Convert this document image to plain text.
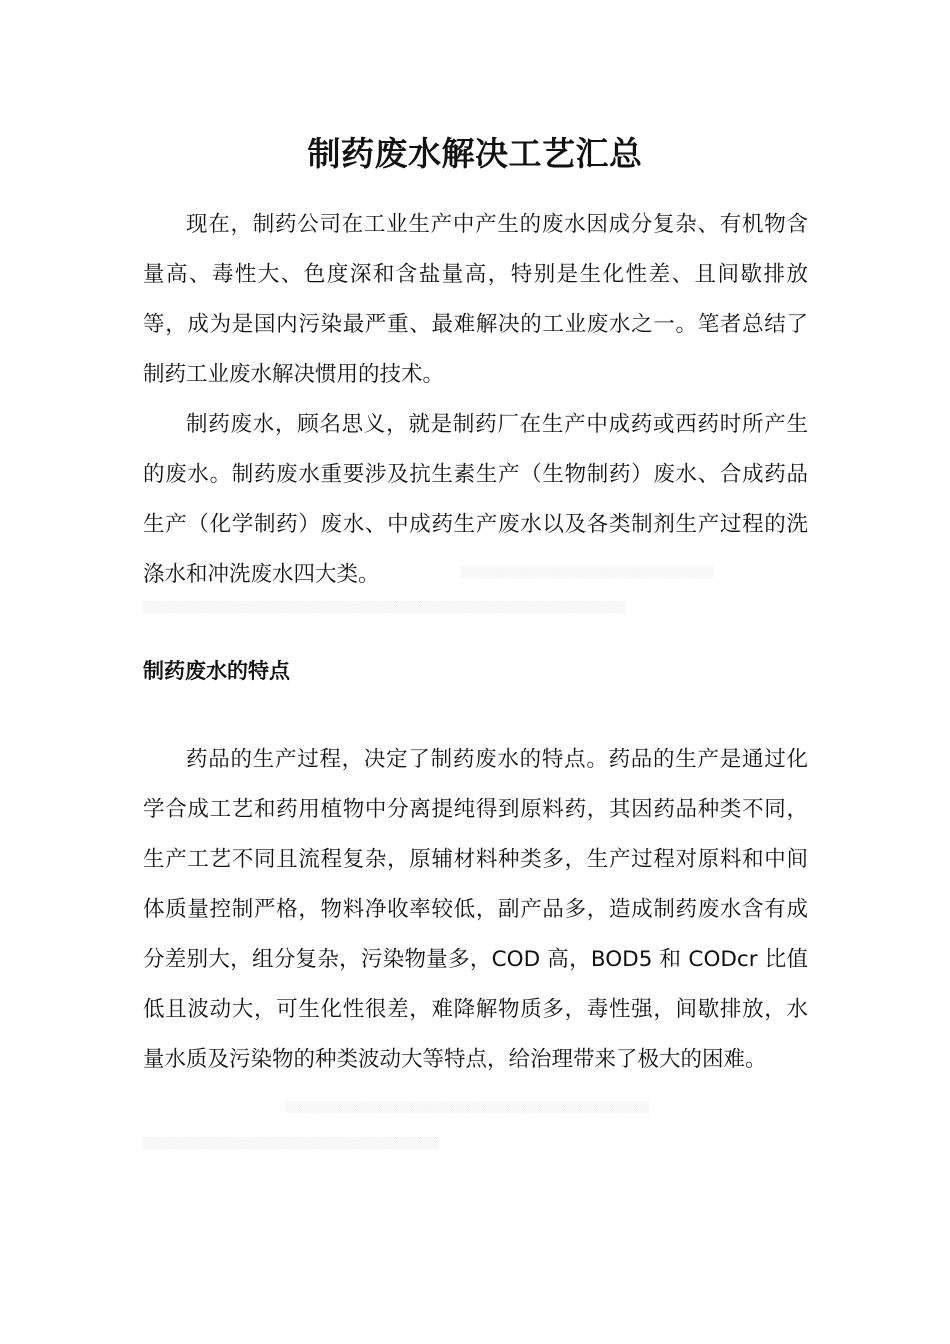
制药废水解决工艺汇总

现在，制药公司在工业生产中产生的废水因成分复杂、有机物含量高、毒性大、色度深和含盐量高，特别是生化性差、且间歇排放等，成为是国内污染最严重、最难解决的工业废水之一。笔者总结了制药工业废水解决惯用的技术。

制药废水，顾名思义，就是制药厂在生产中成药或西药时所产生的废水。制药废水重要涉及抗生素生产（生物制药）废水、合成药品生产（化学制药）废水、中成药生产废水以及各类制剂生产过程的洗涤水和冲洗废水四大类。	▒▒▒▒▒▒▒▒▒▒▒▒▒▒▒▒▒▒▒▒▒▒▒▒▒▒▒▒▒▒
▒▒▒▒▒▒▒▒▒▒▒▒▒▒▒▒▒▒▒▒▒▒▒▒▒▒▒▒▒▒▒▒▒▒▒▒▒▒▒▒▒▒▒▒▒▒▒▒▒▒▒▒▒▒▒▒▒
制药废水的特点

药品的生产过程，决定了制药废水的特点。药品的生产是通过化学合成工艺和药用植物中分离提纯得到原料药，其因药品种类不同，生产工艺不同且流程复杂，原辅材料种类多，生产过程对原料和中间体质量控制严格，物料净收率较低，副产品多，造成制药废水含有成分差别大，组分复杂，污染物量多，COD 高，BOD5 和 CODcr 比值低且波动大，可生化性很差，难降解物质多，毒性强，间歇排放，水量水质及污染物的种类波动大等特点，给治理带来了极大的困难。

▒▒▒▒▒▒▒▒▒▒▒▒▒▒▒▒▒▒▒▒▒▒▒▒▒▒▒▒▒▒▒▒▒▒▒▒▒▒▒▒▒▒▒
▒▒▒▒▒▒▒▒▒▒▒▒▒▒▒▒▒▒▒▒▒▒▒▒▒▒▒▒▒▒▒▒▒▒▒
